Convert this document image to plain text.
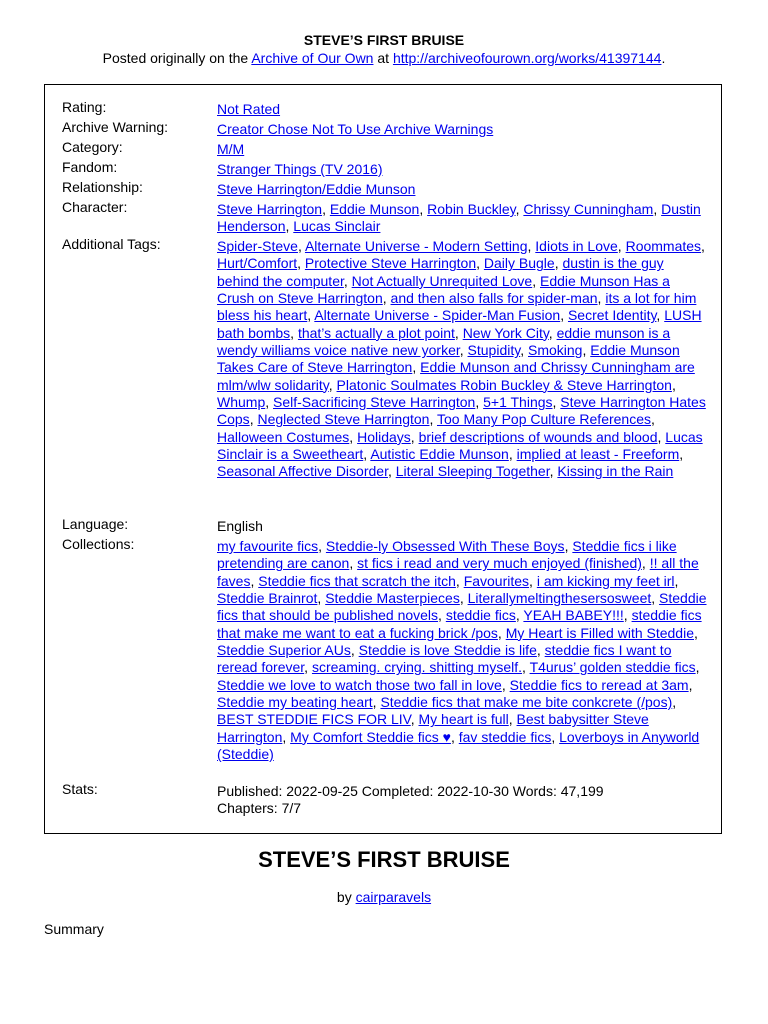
STEVE’S FIRST BRUISE
Posted originally on the Archive of Our Own at http://archiveofourown.org/works/41397144.
Rating:	Not Rated
Archive Warning:	Creator Chose Not To Use Archive Warnings
Category:	M/M
Fandom:	Stranger Things (TV 2016)
Relationship:	Steve Harrington/Eddie Munson
Character:	Steve Harrington, Eddie Munson, Robin Buckley, Chrissy Cunningham, Dustin Henderson, Lucas Sinclair
Additional Tags:	Spider-Steve, Alternate Universe - Modern Setting, Idiots in Love, Roommates, Hurt/Comfort, Protective Steve Harrington, Daily Bugle, dustin is the guy behind the computer, Not Actually Unrequited Love, Eddie Munson Has a Crush on Steve Harrington, and then also falls for spider-man, its a lot for him bless his heart, Alternate Universe - Spider-Man Fusion, Secret Identity, LUSH bath bombs, that’s actually a plot point, New York City, eddie munson is a wendy williams voice native new yorker, Stupidity, Smoking, Eddie Munson Takes Care of Steve Harrington, Eddie Munson and Chrissy Cunningham are mlm/wlw solidarity, Platonic Soulmates Robin Buckley & Steve Harrington, Whump, Self-Sacrificing Steve Harrington, 5+1 Things, Steve Harrington Hates Cops, Neglected Steve Harrington, Too Many Pop Culture References, Halloween Costumes, Holidays, brief descriptions of wounds and blood, Lucas Sinclair is a Sweetheart, Autistic Eddie Munson, implied at least - Freeform, Seasonal Affective Disorder, Literal Sleeping Together, Kissing in the Rain
Language:	English
Collections:	my favourite fics, Steddie-ly Obsessed With These Boys, Steddie fics i like pretending are canon, st fics i read and very much enjoyed (finished), !! all the faves, Steddie fics that scratch the itch, Favourites, i am kicking my feet irl, Steddie Brainrot, Steddie Masterpieces, Literallymeltingthesersosweet, Steddie fics that should be published novels, steddie fics, YEAH BABEY!!!, steddie fics that make me want to eat a fucking brick /pos, My Heart is Filled with Steddie, Steddie Superior AUs, Steddie is love Steddie is life, steddie fics I want to reread forever, screaming. crying. shitting myself., T4urus’ golden steddie fics, Steddie we love to watch those two fall in love, Steddie fics to reread at 3am, Steddie my beating heart, Steddie fics that make me bite conkcrete (/pos), BEST STEDDIE FICS FOR LIV, My heart is full, Best babysitter Steve Harrington, My Comfort Steddie fics ♥, fav steddie fics, Loverboys in Anyworld (Steddie)
Stats:	Published: 2022-09-25 Completed: 2022-10-30 Words: 47,199
Chapters: 7/7
STEVE’S FIRST BRUISE
by cairparavels
Summary
